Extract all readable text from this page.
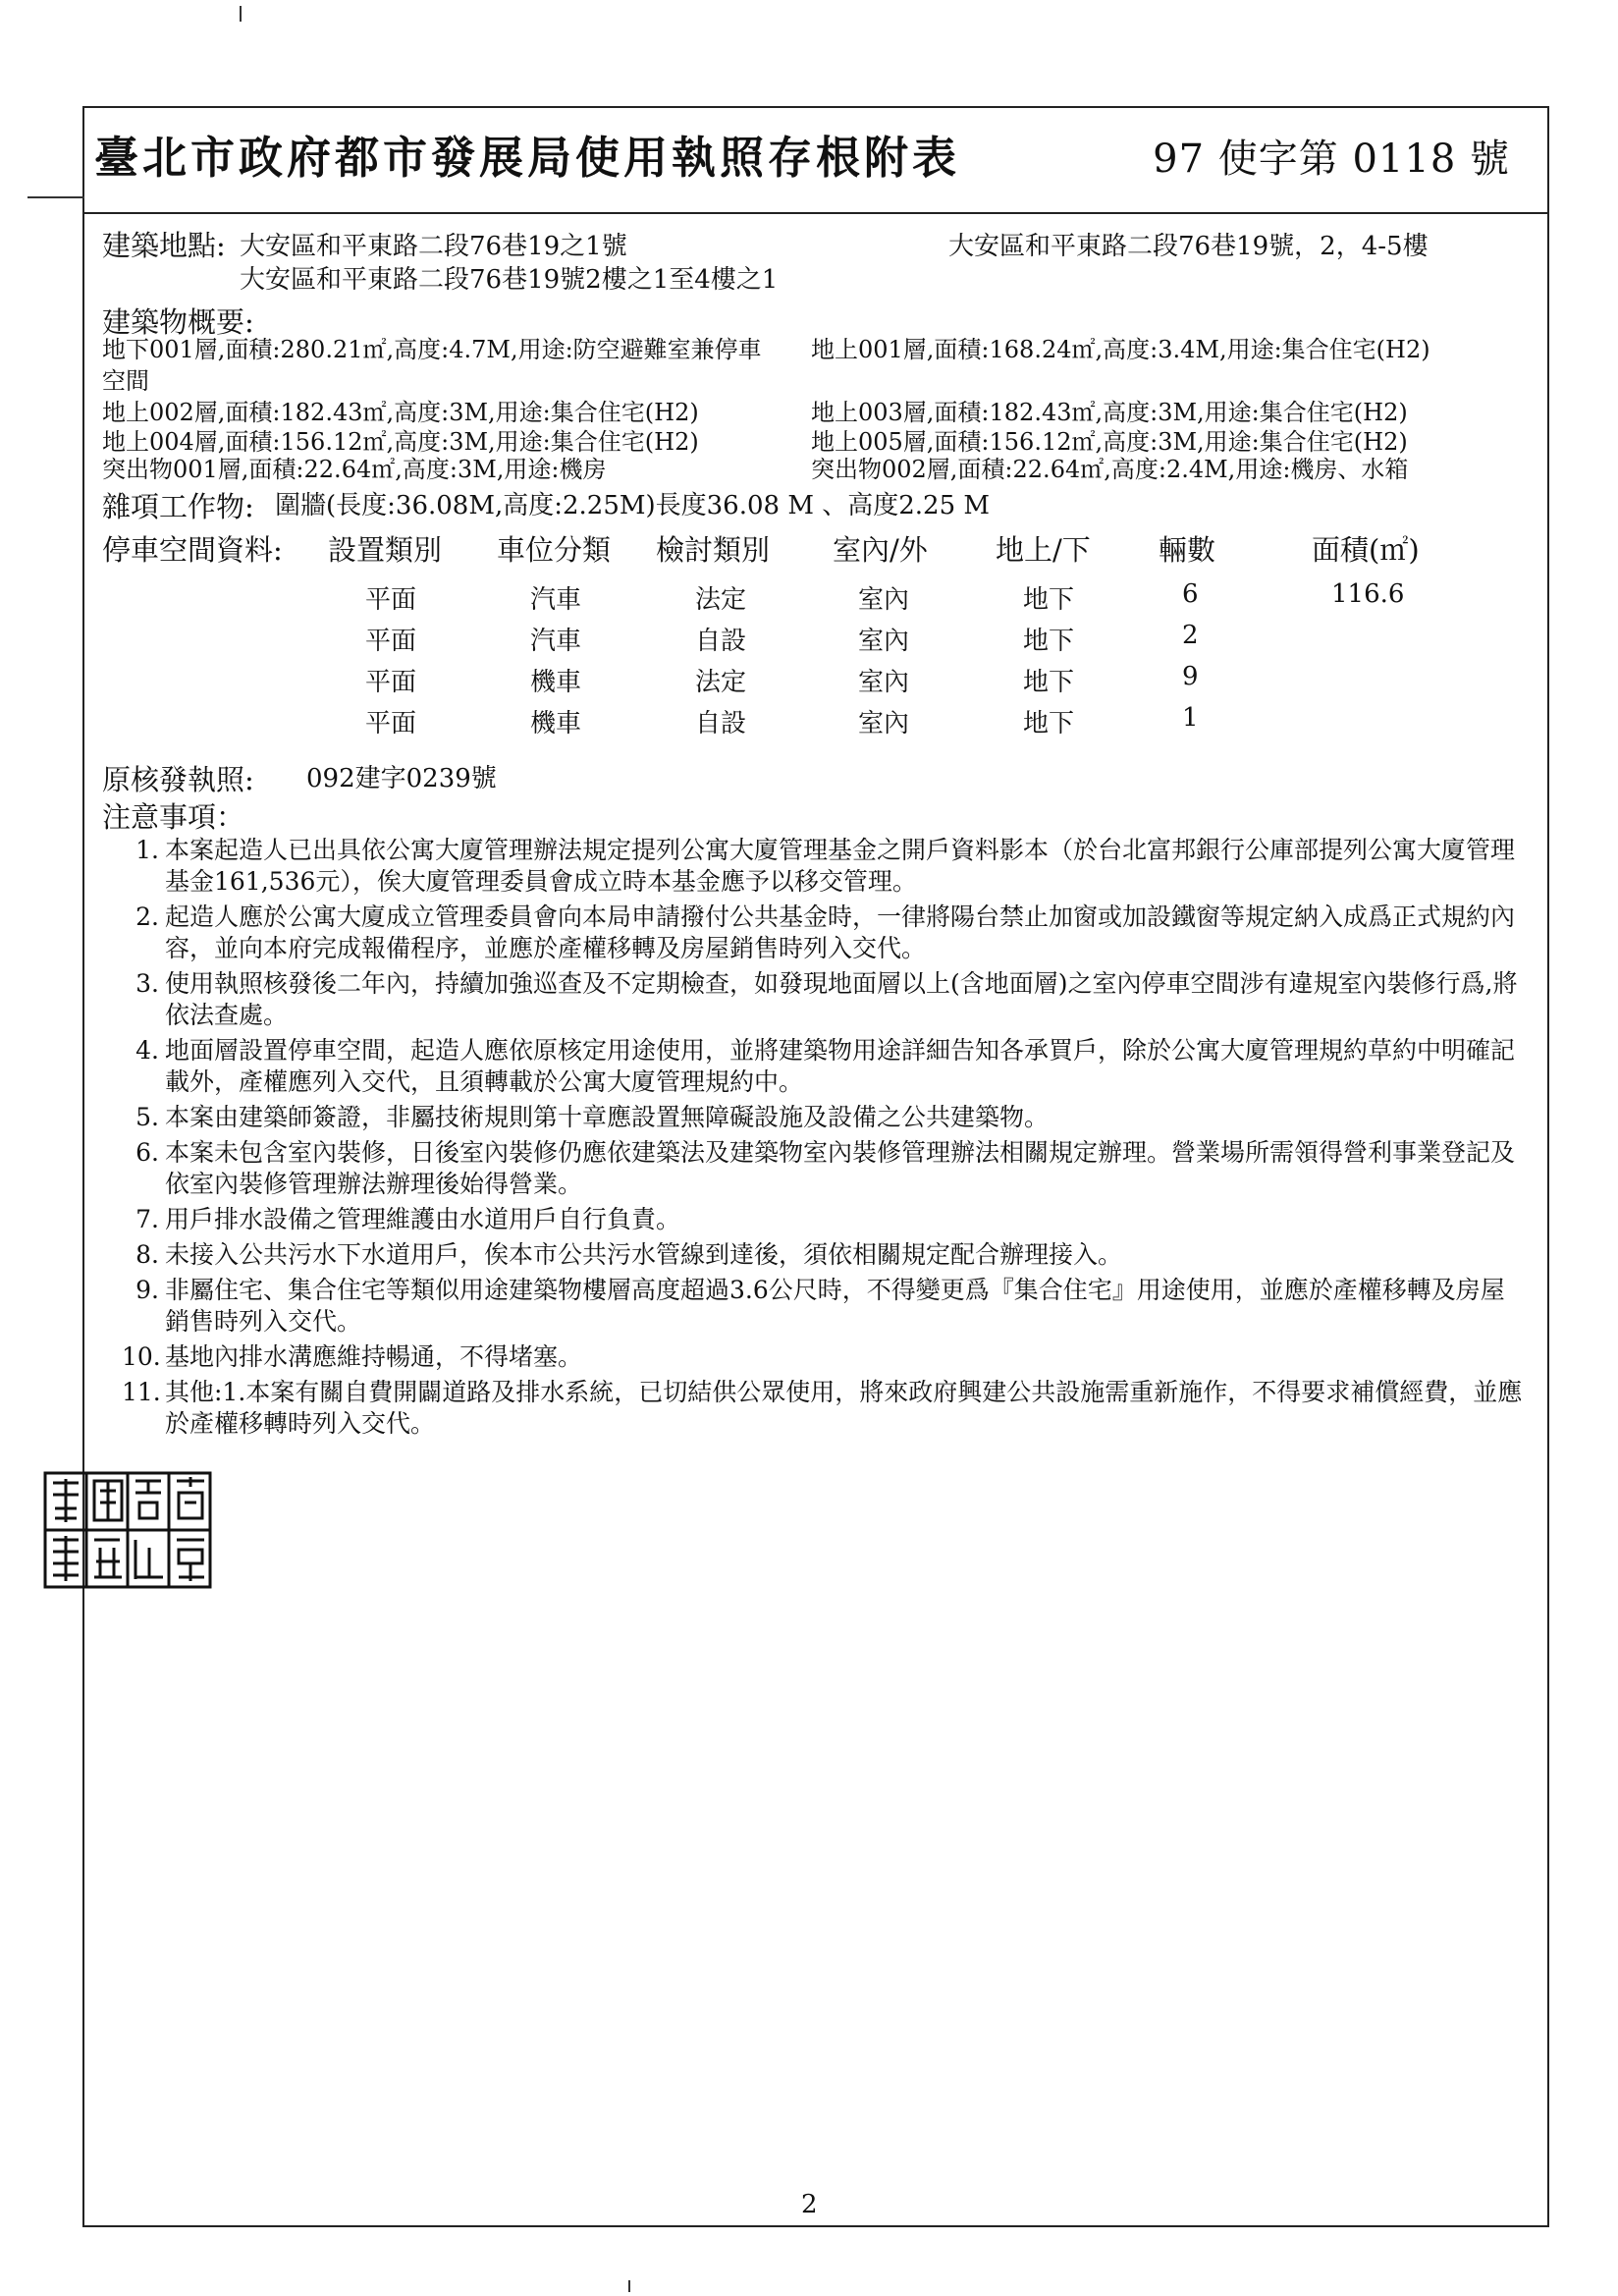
臺北市政府都市發展局使用執照存根附表	97 使字第 0118 號
建築地點: 大安區和平東路二段76巷19之1號	大安區和平東路二段76巷19號，2，4-5樓
大安區和平東路二段76巷19號2樓之1至4樓之1
建築物概要:
地下001層,面積:280.21㎡,高度:4.7M,用途:防空避難室兼停車 地上001層,面積:168.24㎡,高度:3.4M,用途:集合住宅(H2)
空間
地上002層,面積:182.43㎡,高度:3M,用途:集合住宅(H2)	地上003層,面積:182.43㎡,高度:3M,用途:集合住宅(H2)
地上004層,面積:156.12㎡,高度:3M,用途:集合住宅(H2)	地上005層,面積:156.12㎡,高度:3M,用途:集合住宅(H2)
突出物001層,面積:22.64㎡,高度:3M,用途:機房	突出物002層,面積:22.64㎡,高度:2.4M,用途:機房、水箱
雜項工作物: 圍牆(長度:36.08M,高度:2.25M)長度36.08 M 、高度2.25 M
停車空間資料: 設置類別 車位分類 檢討類別 室內/外 地上/下 輛數	面積(㎡)
平面	汽車	法定	室內	地下	6	116.6
平面	汽車	自設	室內	地下	2
平面	機車	法定	室內	地下	9
平面	機車	自設	室內	地下	1
原核發執照: 092建字0239號
注意事項：
1. 本案起造人已出具依公寓大廈管理辦法規定提列公寓大廈管理基金之開戶資料影本（於台北富邦銀行公庫部提列公寓大廈管理基金161,536元），俟大廈管理委員會成立時本基金應予以移交管理。
2. 起造人應於公寓大廈成立管理委員會向本局申請撥付公共基金時，一律將陽台禁止加窗或加設鐵窗等規定納入成爲正式規約內容，並向本府完成報備程序，並應於產權移轉及房屋銷售時列入交代。
3. 使用執照核發後二年內，持續加強巡查及不定期檢查，如發現地面層以上(含地面層)之室內停車空間涉有違規室內裝修行爲,將依法查處。
4. 地面層設置停車空間，起造人應依原核定用途使用，並將建築物用途詳細告知各承買戶，除於公寓大廈管理規約草約中明確記載外，產權應列入交代，且須轉載於公寓大廈管理規約中。
5. 本案由建築師簽證，非屬技術規則第十章應設置無障礙設施及設備之公共建築物。
6. 本案未包含室內裝修，日後室內裝修仍應依建築法及建築物室內裝修管理辦法相關規定辦理。營業場所需領得營利事業登記及依室內裝修管理辦法辦理後始得營業。
7. 用戶排水設備之管理維護由水道用戶自行負責。
8. 未接入公共污水下水道用戶，俟本市公共污水管線到達後，須依相關規定配合辦理接入。
9. 非屬住宅、集合住宅等類似用途建築物樓層高度超過3.6公尺時，不得變更爲『集合住宅』用途使用，並應於產權移轉及房屋銷售時列入交代。
10. 基地內排水溝應維持暢通，不得堵塞。
11. 其他:1.本案有關自費開闢道路及排水系統，已切結供公眾使用，將來政府興建公共設施需重新施作，不得要求補償經費，並應於產權移轉時列入交代。
2
